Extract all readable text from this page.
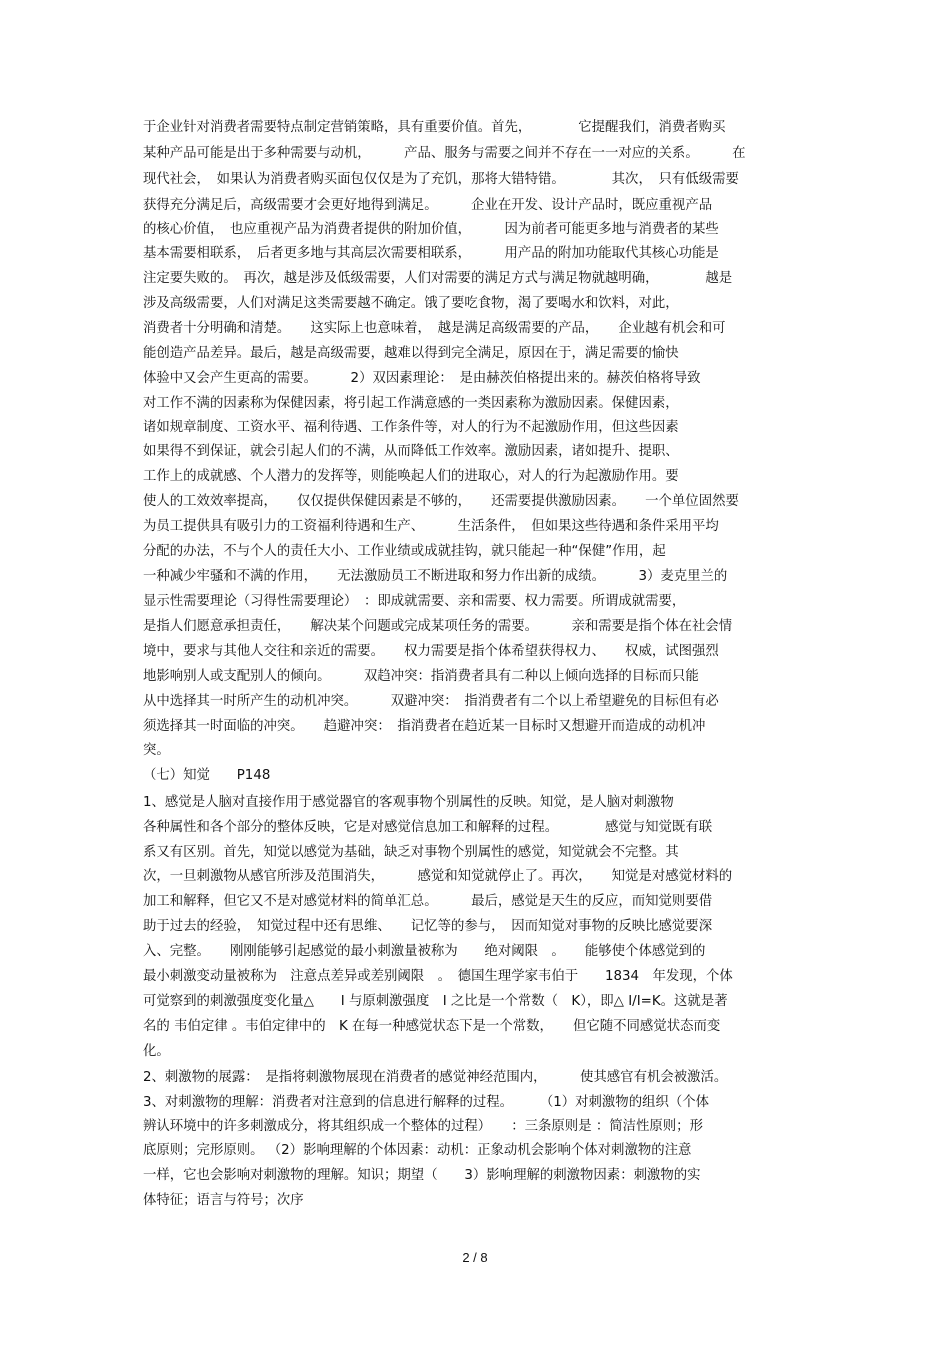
于企业针对消费者需要特点制定营销策略，具有重要价值。首先，　　　　它提醒我们，消费者购买
某种产品可能是出于多种需要与动机，　　　产品、服务与需要之间并不存在一一对应的关系。　　　在
现代社会，　如果认为消费者购买面包仅仅是为了充饥，那将大错特错。　　　　其次，　只有低级需要
获得充分满足后，高级需要才会更好地得到满足。　　　企业在开发、设计产品时，既应重视产品
的核心价值，　也应重视产品为消费者提供的附加价值，　　　因为前者可能更多地与消费者的某些
基本需要相联系，　后者更多地与其高层次需要相联系，　　　用产品的附加功能取代其核心功能是
注定要失败的。　再次，越是涉及低级需要，人们对需要的满足方式与满足物就越明确，　　　　越是
涉及高级需要，人们对满足这类需要越不确定。饿了要吃食物，渴了要喝水和饮料，对此，
消费者十分明确和清楚。　　这实际上也意味着，　越是满足高级需要的产品，　　企业越有机会和可
能创造产品差异。最后，越是高级需要，越难以得到完全满足，原因在于，满足需要的愉快
体验中又会产生更高的需要。　　　2）双因素理论：　是由赫茨伯格提出来的。赫茨伯格将导致
对工作不满的因素称为保健因素，将引起工作满意感的一类因素称为激励因素。保健因素，
诸如规章制度、工资水平、福利待遇、工作条件等，对人的行为不起激励作用，但这些因素
如果得不到保证，就会引起人们的不满，从而降低工作效率。激励因素，诸如提升、提职、
工作上的成就感、个人潜力的发挥等，则能唤起人们的进取心，对人的行为起激励作用。要
使人的工效效率提高，　　仅仅提供保健因素是不够的，　　还需要提供激励因素。　　一个单位固然要
为员工提供具有吸引力的工资福利待遇和生产、　　　生活条件，　但如果这些待遇和条件采用平均
分配的办法，不与个人的责任大小、工作业绩或成就挂钩，就只能起一种“保健”作用，起
一种减少牢骚和不满的作用，　　无法激励员工不断进取和努力作出新的成绩。　　　3）麦克里兰的
显示性需要理论（习得性需要理论）　：即成就需要、亲和需要、权力需要。所谓成就需要，
是指人们愿意承担责任，　　解决某个问题或完成某项任务的需要。　　　亲和需要是指个体在社会情
境中，要求与其他人交往和亲近的需要。　　权力需要是指个体希望获得权力、　　权威，试图强烈
地影响别人或支配别人的倾向。　　　双趋冲突：指消费者具有二种以上倾向选择的目标而只能
从中选择其一时所产生的动机冲突。　　　双避冲突：　指消费者有二个以上希望避免的目标但有必
须选择其一时面临的冲突。　　趋避冲突：　指消费者在趋近某一目标时又想避开而造成的动机冲
突。
（七）知觉　　P148
1、感觉是人脑对直接作用于感觉器官的客观事物个别属性的反映。知觉，是人脑对刺激物
各种属性和各个部分的整体反映，它是对感觉信息加工和解释的过程。　　　　感觉与知觉既有联
系又有区别。首先，知觉以感觉为基础，缺乏对事物个别属性的感觉，知觉就会不完整。其
次，一旦刺激物从感官所涉及范围消失，　　　感觉和知觉就停止了。再次，　　知觉是对感觉材料的
加工和解释，但它又不是对感觉材料的简单汇总。　　　最后，感觉是天生的反应，而知觉则要借
助于过去的经验，　知觉过程中还有思维、　　记忆等的参与，　因而知觉对事物的反映比感觉要深
入、完整。　　刚刚能够引起感觉的最小刺激量被称为　　绝对阈限　。　　能够使个体感觉到的
最小刺激变动量被称为　注意点差异或差别阈限　。　德国生理学家韦伯于　　1834　年发现，个体
可觉察到的刺激强度变化量△　　I 与原刺激强度　I 之比是一个常数（　K），即△ I/I=K。这就是著
名的 韦伯定律 。韦伯定律中的　K 在每一种感觉状态下是一个常数，　　但它随不同感觉状态而变
化。
2、刺激物的展露：　是指将刺激物展现在消费者的感觉神经范围内，　　　使其感官有机会被激活。
3、对刺激物的理解：消费者对注意到的信息进行解释的过程。　　　（1）对刺激物的组织（个体
辨认环境中的许多刺激成分，将其组织成一个整体的过程）　　：三条原则是 ：简洁性原则；形
底原则；完形原则。 （2）影响理解的个体因素：动机：正象动机会影响个体对刺激物的注意
一样，它也会影响对刺激物的理解。知识；期望（　　3）影响理解的刺激物因素：刺激物的实
体特征；语言与符号；次序
2 / 8
